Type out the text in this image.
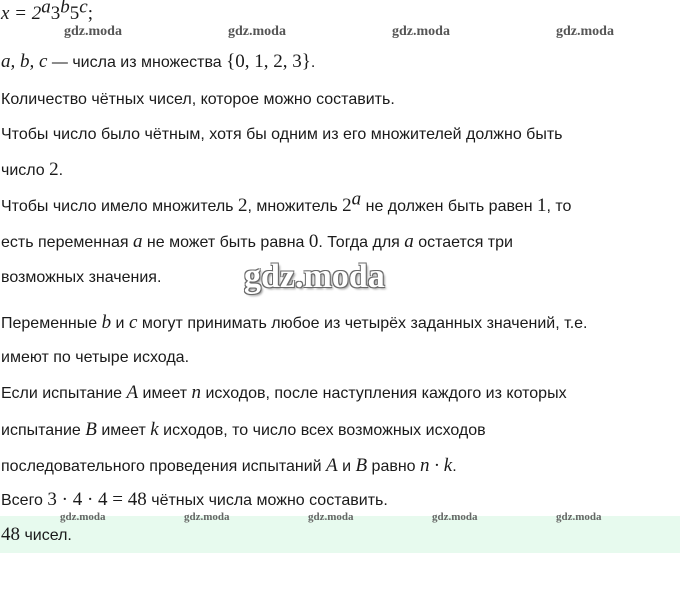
gdz.moda	gdz.moda	gdz.moda	gdz.moda
$x = 2^a3^b5^c$;
a, b, c — числа из множества {0, 1, 2, 3}.
Количество чётных чисел, которое можно составить.
Чтобы число было чётным, хотя бы одним из его множителей должно быть
число 2.
Чтобы число имело множитель 2, множитель 2$^a$ не должен быть равен 1, то
есть переменная a не может быть равна 0. Тогда для a остается три
возможных значения. gdz.moda
Переменные b и c могут принимать любое из четырёх заданных значений, т.е.
имеют по четыре исхода.
Если испытание A имеет n исходов, после наступления каждого из которых
испытание B имеет k исходов, то число всех возможных исходов
последовательного проведения испытаний A и B равно n · k.
Всего 3 · 4 · 4 = 48 чётных числа можно составить.
48 чисел.
gdz.moda	gdz.moda	gdz.moda	gdz.moda	gdz.moda
